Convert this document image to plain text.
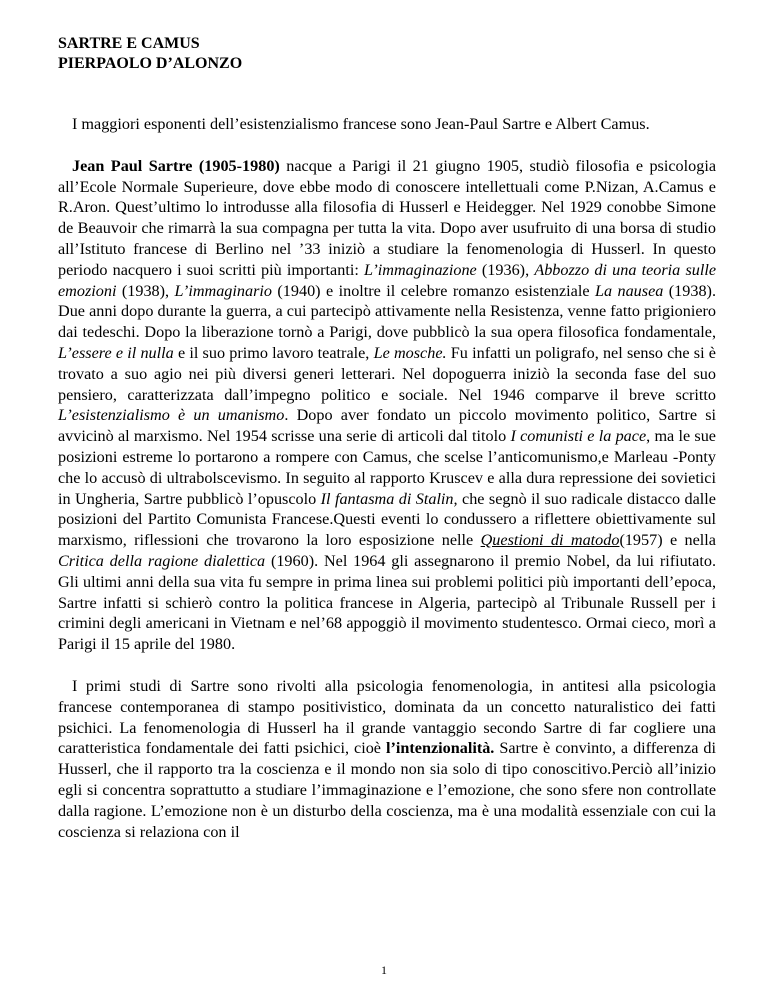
SARTRE E CAMUS
PIERPAOLO D’ALONZO

I maggiori esponenti dell’esistenzialismo francese sono Jean-Paul Sartre e Albert Camus.

Jean Paul Sartre (1905-1980) nacque a Parigi il 21 giugno 1905, studiò filosofia e psicologia all’Ecole Normale Superieure, dove ebbe modo di conoscere intellettuali come P.Nizan, A.Camus e R.Aron. Quest’ultimo lo introdusse alla filosofia di Husserl e Heidegger. Nel 1929 conobbe Simone de Beauvoir che rimarrà la sua compagna per tutta la vita. Dopo aver usufruito di una borsa di studio all’Istituto francese di Berlino nel ’33 iniziò a studiare la fenomenologia di Husserl. In questo periodo nacquero i suoi scritti più importanti: L’immaginazione (1936), Abbozzo di una teoria sulle emozioni (1938), L’immaginario (1940) e inoltre il celebre romanzo esistenziale La nausea (1938). Due anni dopo durante la guerra, a cui partecipò attivamente nella Resistenza, venne fatto prigioniero dai tedeschi. Dopo la liberazione tornò a Parigi, dove pubblicò la sua opera filosofica fondamentale, L’essere e il nulla e il suo primo lavoro teatrale, Le mosche. Fu infatti un poligrafo, nel senso che si è trovato a suo agio nei più diversi generi letterari. Nel dopoguerra iniziò la seconda fase del suo pensiero, caratterizzata dall’impegno politico e sociale. Nel 1946 comparve il breve scritto L’esistenzialismo è un umanismo. Dopo aver fondato un piccolo movimento politico, Sartre si avvicinò al marxismo. Nel 1954 scrisse una serie di articoli dal titolo I comunisti e la pace, ma le sue posizioni estreme lo portarono a rompere con Camus, che scelse l’anticomunismo,e Marleau -Ponty che lo accusò di ultrabolscevismo. In seguito al rapporto Kruscev e alla dura repressione dei sovietici in Ungheria, Sartre pubblicò l’opuscolo Il fantasma di Stalin, che segnò il suo radicale distacco dalle posizioni del Partito Comunista Francese.Questi eventi lo condussero a riflettere obiettivamente sul marxismo, riflessioni che trovarono la loro esposizione nelle Questioni di matodo(1957) e nella Critica della ragione dialettica (1960). Nel 1964 gli assegnarono il premio Nobel, da lui rifiutato. Gli ultimi anni della sua vita fu sempre in prima linea sui problemi politici più importanti dell’epoca, Sartre infatti si schierò contro la politica francese in Algeria, partecipò al Tribunale Russell per i crimini degli americani in Vietnam e nel’68 appoggiò il movimento studentesco. Ormai cieco, morì a Parigi il 15 aprile del 1980.

I primi studi di Sartre sono rivolti alla psicologia fenomenologia, in antitesi alla psicologia francese contemporanea di stampo positivistico, dominata da un concetto naturalistico dei fatti psichici. La fenomenologia di Husserl ha il grande vantaggio secondo Sartre di far cogliere una caratteristica fondamentale dei fatti psichici, cioè l’intenzionalità. Sartre è convinto, a differenza di Husserl, che il rapporto tra la coscienza e il mondo non sia solo di tipo conoscitivo.Perciò all’inizio egli si concentra soprattutto a studiare l’immaginazione e l’emozione, che sono sfere non controllate dalla ragione. L’emozione non è un disturbo della coscienza, ma è una modalità essenziale con cui la coscienza si relaziona con il

1
